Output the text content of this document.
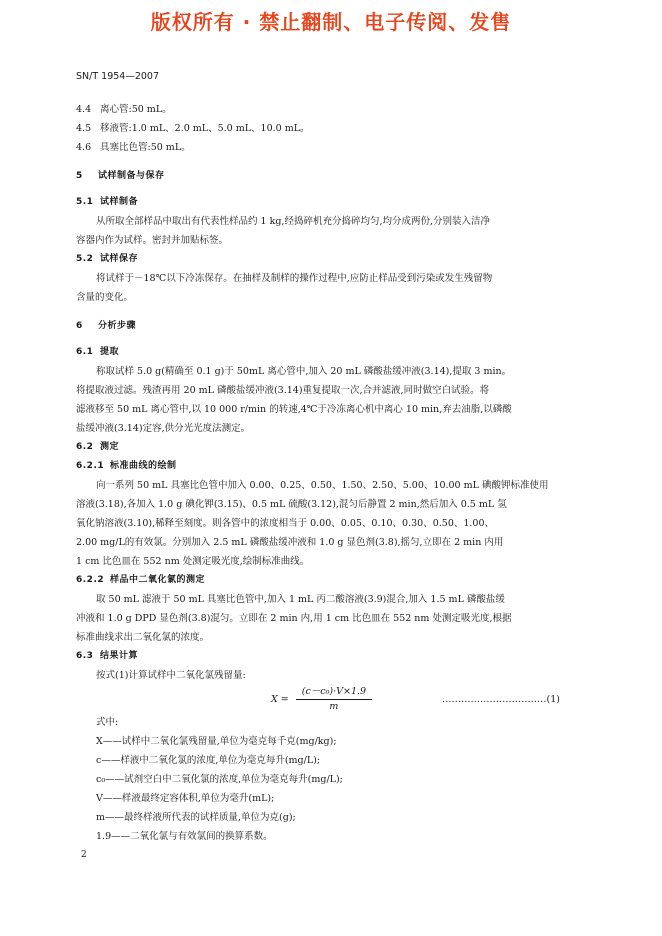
版权所有 · 禁止翻制、电子传阅、发售
SN/T 1954—2007
4.4 离心管:50 mL。
4.5 移液管:1.0 mL、2.0 mL、5.0 mL、10.0 mL。
4.6 具塞比色管:50 mL。
5	试样制备与保存
5.1 试样制备
从所取全部样品中取出有代表性样品约 1 kg,经捣碎机充分捣碎均匀,均分成两份,分别装入洁净
容器内作为试样。密封并加贴标签。
5.2 试样保存
将试样于－18℃以下冷冻保存。在抽样及制样的操作过程中,应防止样品受到污染或发生残留物
含量的变化。
6	分析步骤
6.1 提取
称取试样 5.0 g(精确至 0.1 g)于 50mL 离心管中,加入 20 mL 磷酸盐缓冲液(3.14),提取 3 min。
将提取液过滤。残渣再用 20 mL 磷酸盐缓冲液(3.14)重复提取一次,合并滤液,同时做空白试验。将
滤液移至 50 mL 离心管中,以 10 000 r/min 的转速,4℃于冷冻离心机中离心 10 min,弃去油脂,以磷酸
盐缓冲液(3.14)定容,供分光光度法测定。
6.2 测定
6.2.1 标准曲线的绘制
向一系列 50 mL 具塞比色管中加入 0.00、0.25、0.50、1.50、2.50、5.00、10.00 mL 碘酸钾标准使用
溶液(3.18),各加入 1.0 g 碘化钾(3.15)、0.5 mL 硫酸(3.12),混匀后静置 2 min,然后加入 0.5 mL 氢
氧化钠溶液(3.10),稀释至刻度。则各管中的浓度相当于 0.00、0.05、0.10、0.30、0.50、1.00、
2.00 mg/L的有效氯。分别加入 2.5 mL 磷酸盐缓冲液和 1.0 g 显色剂(3.8),摇匀,立即在 2 min 内用
1 cm 比色皿在 552 nm 处测定吸光度,绘制标准曲线。
6.2.2 样品中二氧化氯的测定
取 50 mL 滤液于 50 mL 具塞比色管中,加入 1 mL 丙二酸溶液(3.9)混合,加入 1.5 mL 磷酸盐缓
冲液和 1.0 g DPD 显色剂(3.8)混匀。立即在 2 min 内,用 1 cm 比色皿在 552 nm 处测定吸光度,根据
标准曲线求出二氧化氯的浓度。
6.3 结果计算
按式(1)计算试样中二氧化氯残留量:
$X = \frac{\text{(c－c₀)·V×1.9}}{m}$	……………………………(1)
式中:
X——试样中二氧化氯残留量,单位为毫克每千克(mg/kg);
c——样液中二氧化氯的浓度,单位为毫克每升(mg/L);
c₀——试剂空白中二氧化氯的浓度,单位为毫克每升(mg/L);
V——样液最终定容体积,单位为毫升(mL);
m——最终样液所代表的试样质量,单位为克(g);
1.9——二氧化氯与有效氯间的换算系数。
2
